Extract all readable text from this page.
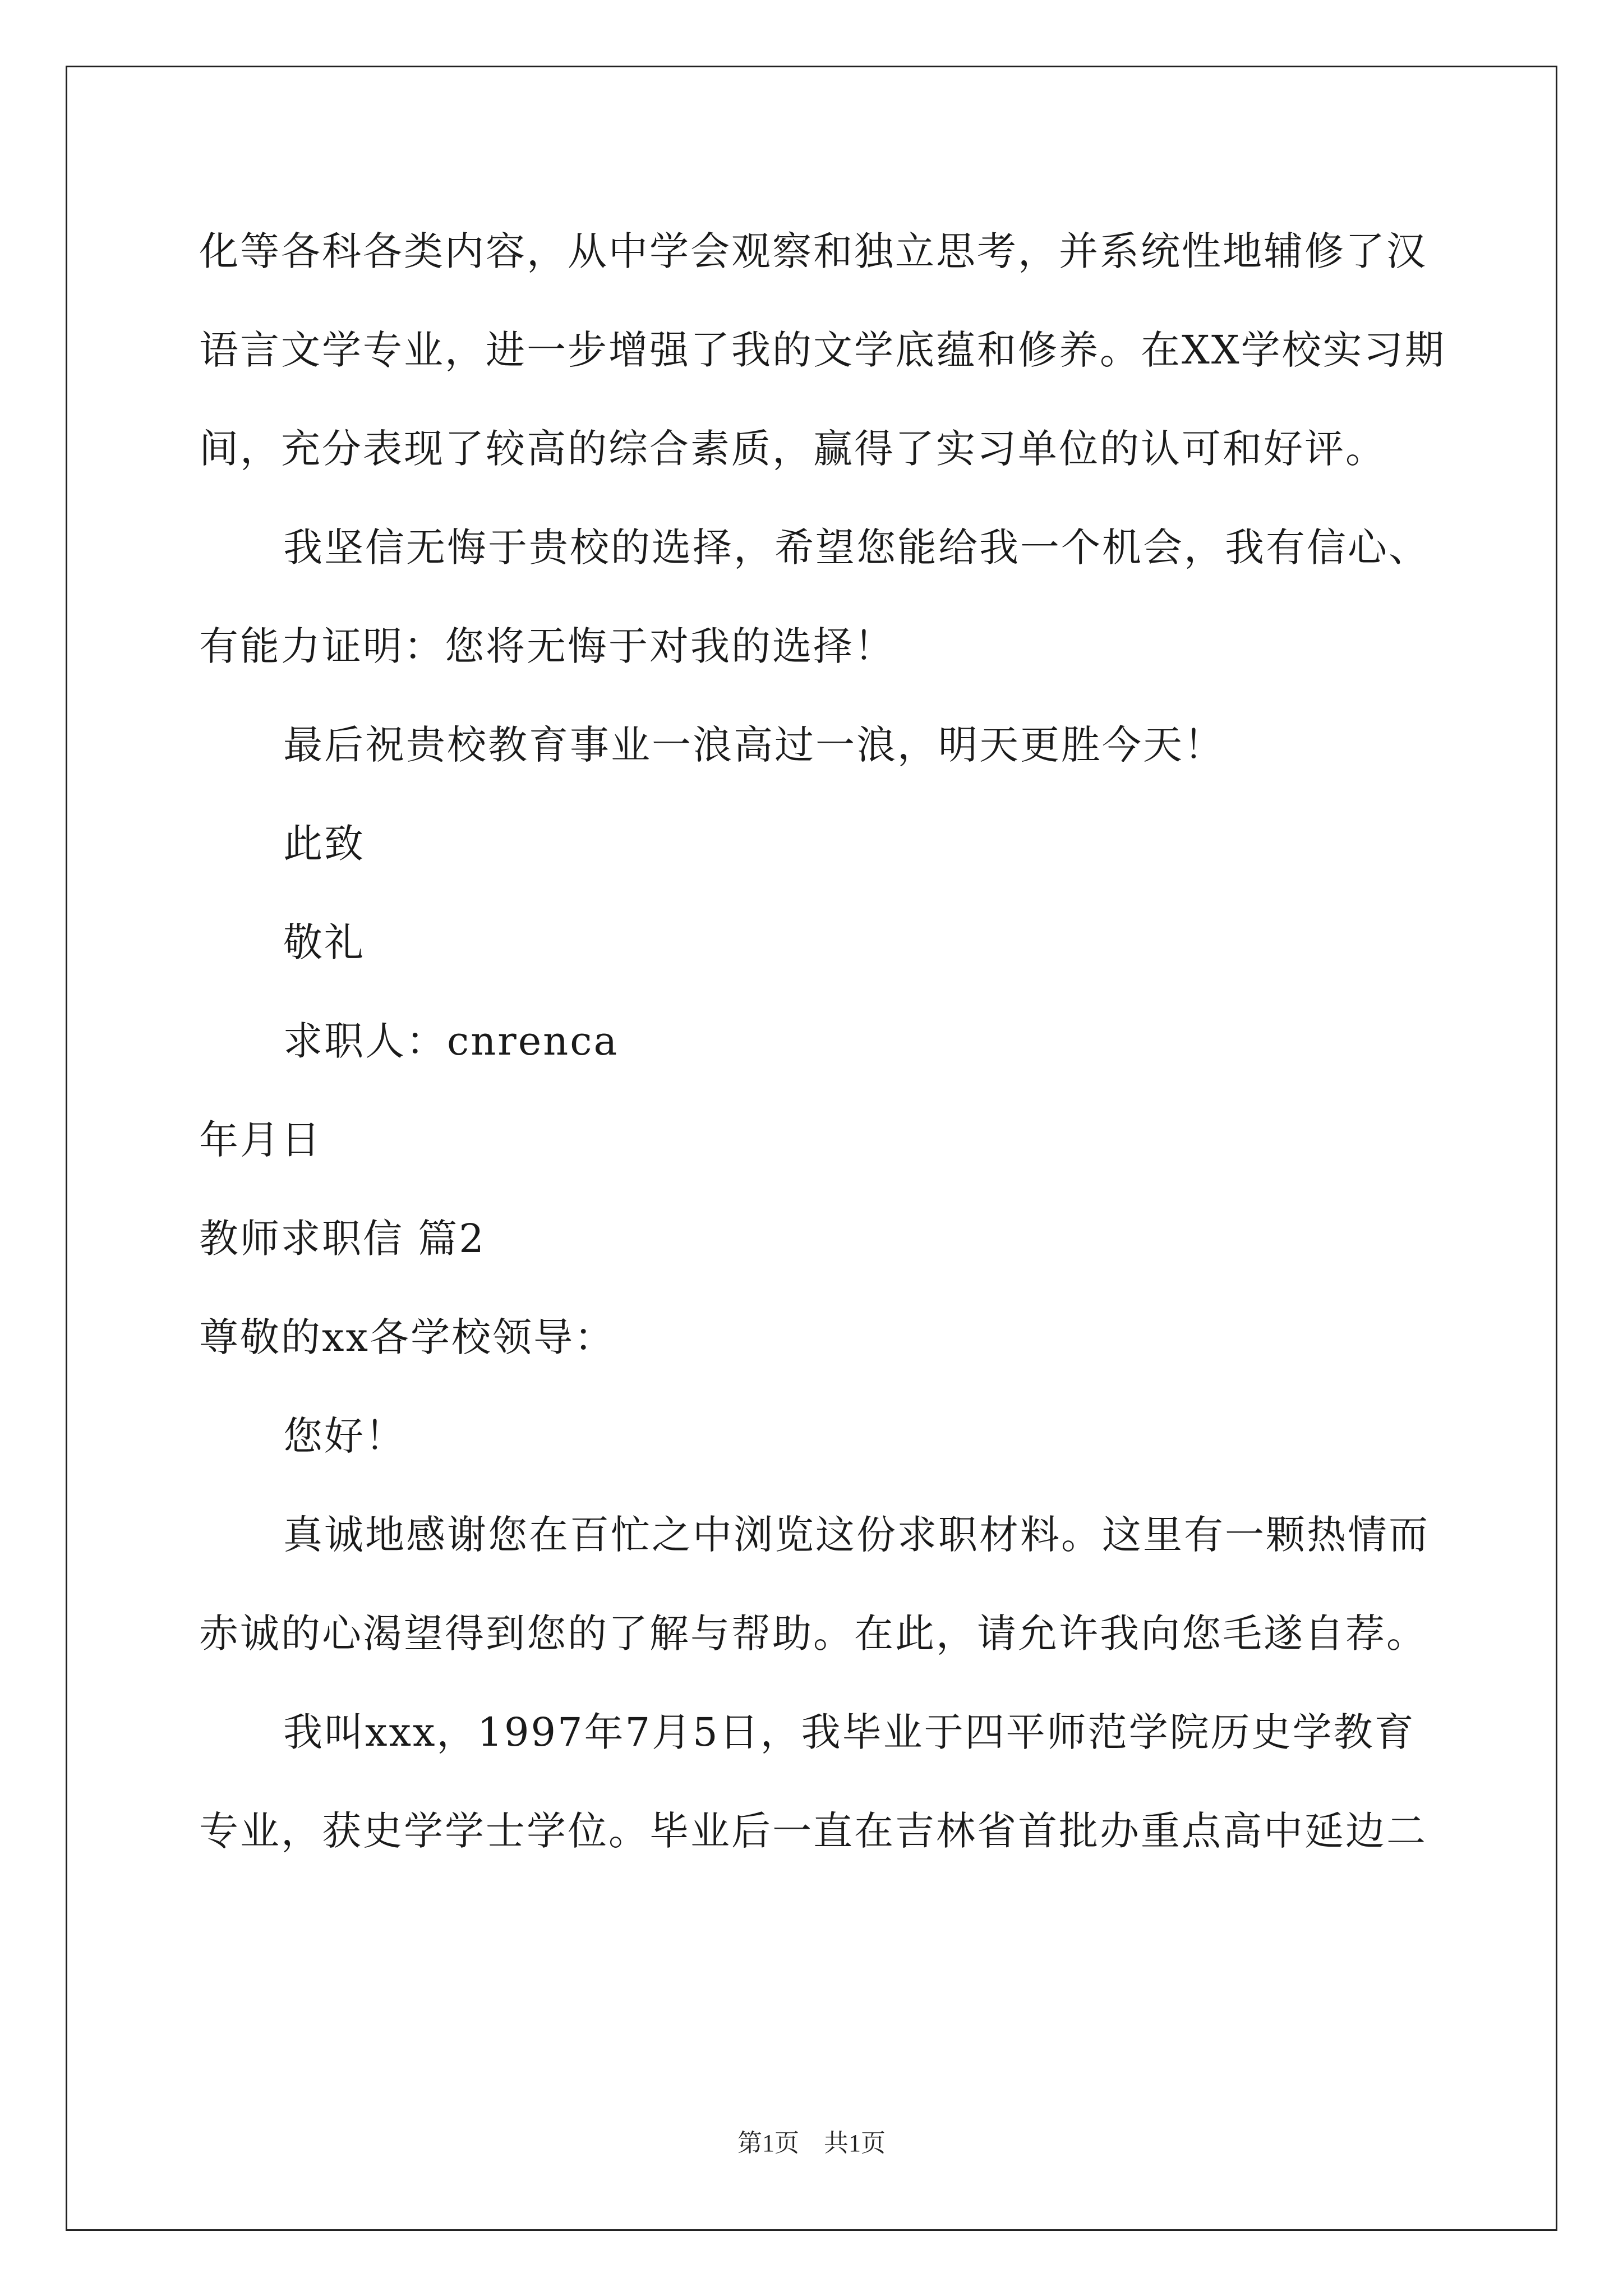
化等各科各类内容，从中学会观察和独立思考，并系统性地辅修了汉
语言文学专业，进一步增强了我的文学底蕴和修养。在XX学校实习期
间，充分表现了较高的综合素质，赢得了实习单位的认可和好评。
我坚信无悔于贵校的选择，希望您能给我一个机会，我有信心、
有能力证明：您将无悔于对我的选择！
最后祝贵校教育事业一浪高过一浪，明天更胜今天！
此致
敬礼
求职人：cnrenca
年月日
教师求职信 篇2
尊敬的xx各学校领导：
您好！
真诚地感谢您在百忙之中浏览这份求职材料。这里有一颗热情而
赤诚的心渴望得到您的了解与帮助。在此，请允许我向您毛遂自荐。
我叫xxx，1997年7月5日，我毕业于四平师范学院历史学教育
专业，获史学学士学位。毕业后一直在吉林省首批办重点高中延边二
第1页　共1页
